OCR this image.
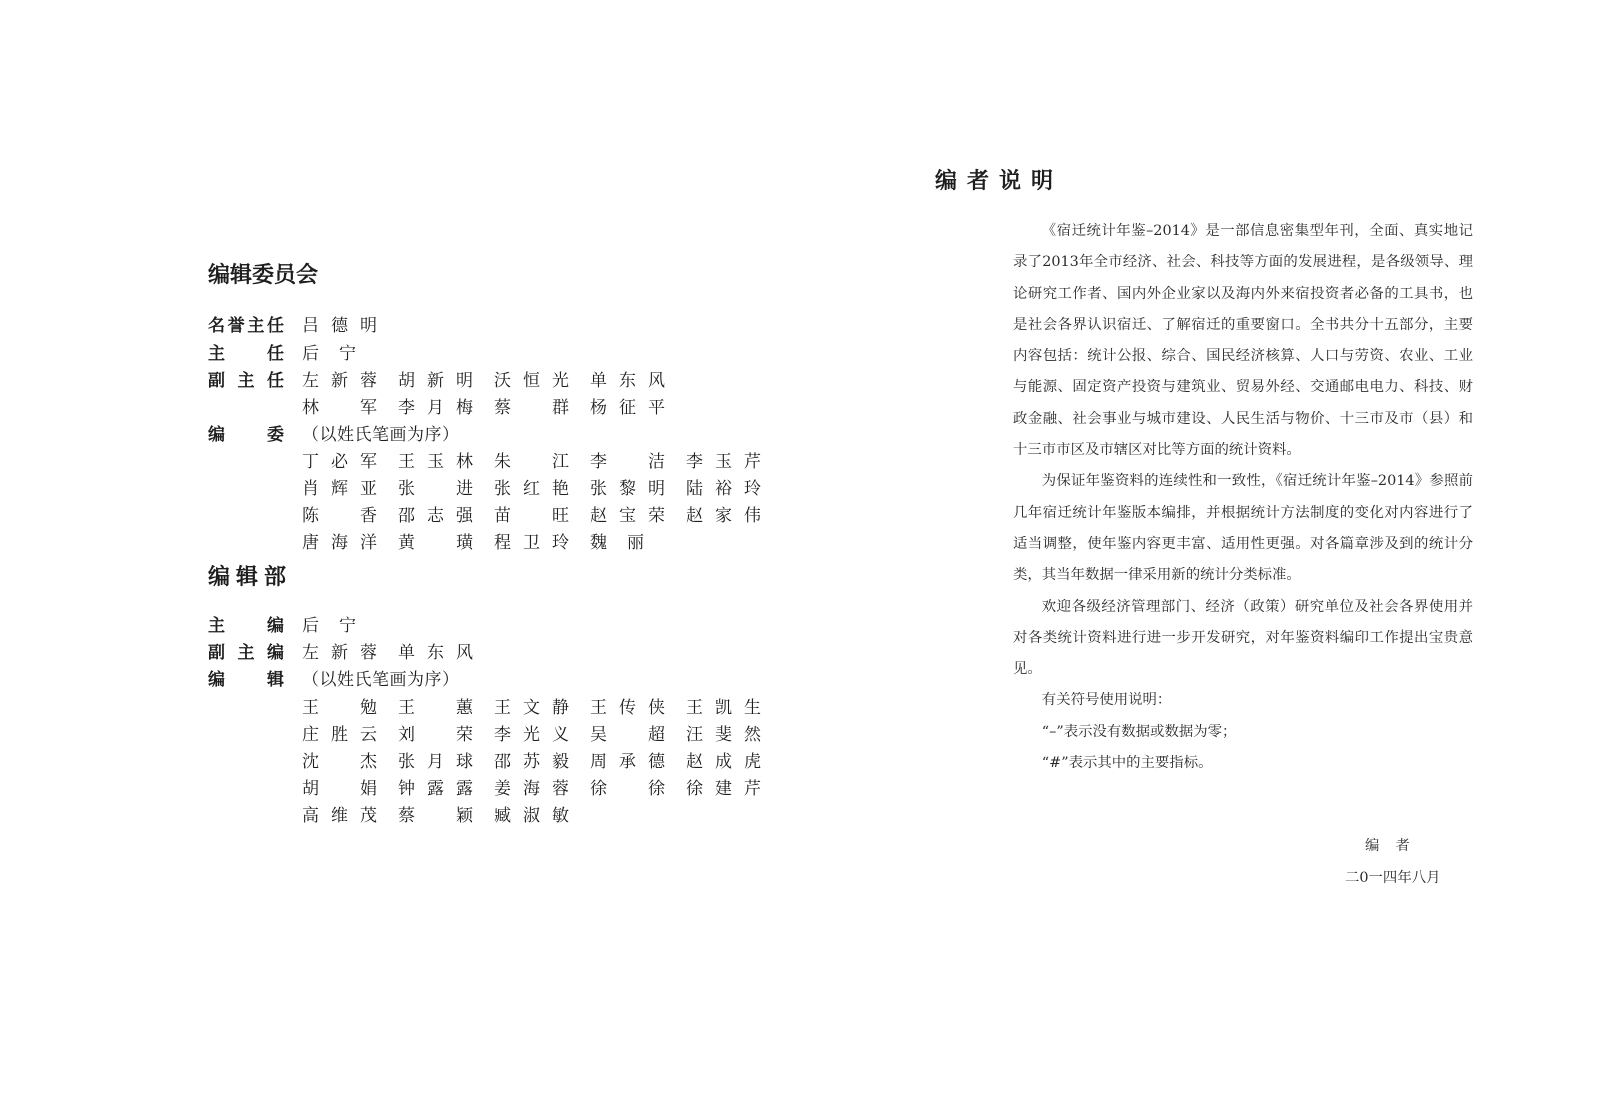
编辑委员会
名 誉 主 任 吕德明
主 任 后宁
副 主 任 左新蓉 胡新明 沃恒光 单东风
林军 李月梅 蔡群 杨征平
编 委 （以姓氏笔画为序）
丁必军 王玉林 朱江 李洁 李玉芹
肖辉亚 张进 张红艳 张黎明 陆裕玲
陈香 邵志强 苗旺 赵宝荣 赵家伟
唐海洋 黄璜 程卫玲 魏丽
编辑部
主 编 后宁
副 主 编 左新蓉 单东风
编 辑 （以姓氏笔画为序）
王勉 王蕙 王文静 王传侠 王凯生
庄胜云 刘荣 李光义 吴超 汪斐然
沈杰 张月球 邵苏毅 周承德 赵成虎
胡娟 钟露露 姜海蓉 徐徐 徐建芹
高维茂 蔡颖 臧淑敏
编者说明

《宿迁统计年鉴–2014》是一部信息密集型年刊，全面、真实地记录了2013年全市经济、社会、科技等方面的发展进程，是各级领导、理论研究工作者、国内外企业家以及海内外来宿投资者必备的工具书，也是社会各界认识宿迁、了解宿迁的重要窗口。全书共分十五部分，主要内容包括：统计公报、综合、国民经济核算、人口与劳资、农业、工业与能源、固定资产投资与建筑业、贸易外经、交通邮电电力、科技、财政金融、社会事业与城市建设、人民生活与物价、十三市及市（县）和十三市市区及市辖区对比等方面的统计资料。

为保证年鉴资料的连续性和一致性，《宿迁统计年鉴–2014》参照前几年宿迁统计年鉴版本编排，并根据统计方法制度的变化对内容进行了适当调整，使年鉴内容更丰富、适用性更强。对各篇章涉及到的统计分类，其当年数据一律采用新的统计分类标准。

欢迎各级经济管理部门、经济（政策）研究单位及社会各界使用并对各类统计资料进行进一步开发研究，对年鉴资料编印工作提出宝贵意见。

有关符号使用说明：

“–”表示没有数据或数据为零；

“#”表示其中的主要指标。

编者
二0一四年八月
